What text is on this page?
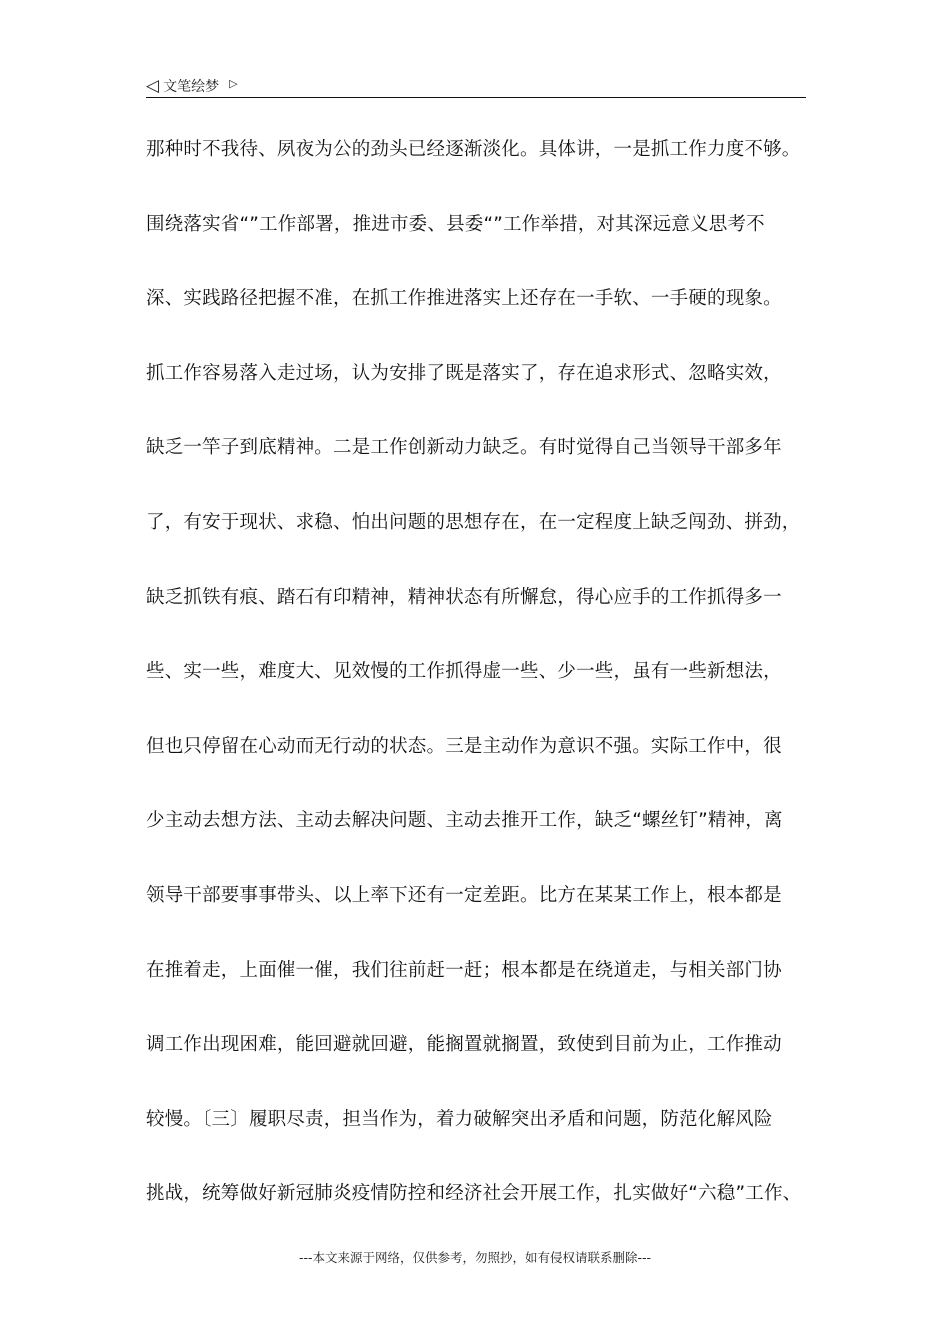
◁ 文笔绘梦 ▷
那种时不我待、夙夜为公的劲头已经逐渐淡化。具体讲，一是抓工作力度不够。
围绕落实省“”工作部署，推进市委、县委“”工作举措，对其深远意义思考不
深、实践路径把握不准，在抓工作推进落实上还存在一手软、一手硬的现象。
抓工作容易落入走过场，认为安排了既是落实了，存在追求形式、忽略实效，
缺乏一竿子到底精神。二是工作创新动力缺乏。有时觉得自己当领导干部多年
了，有安于现状、求稳、怕出问题的思想存在，在一定程度上缺乏闯劲、拼劲，
缺乏抓铁有痕、踏石有印精神，精神状态有所懈怠，得心应手的工作抓得多一
些、实一些，难度大、见效慢的工作抓得虚一些、少一些，虽有一些新想法，
但也只停留在心动而无行动的状态。三是主动作为意识不强。实际工作中，很
少主动去想方法、主动去解决问题、主动去推开工作，缺乏“螺丝钉”精神，离
领导干部要事事带头、以上率下还有一定差距。比方在某某工作上，根本都是
在推着走，上面催一催，我们往前赶一赶；根本都是在绕道走，与相关部门协
调工作出现困难，能回避就回避，能搁置就搁置，致使到目前为止，工作推动
较慢。〔三〕履职尽责，担当作为，着力破解突出矛盾和问题，防范化解风险
挑战，统筹做好新冠肺炎疫情防控和经济社会开展工作，扎实做好“六稳”工作、
---本文来源于网络，仅供参考，勿照抄，如有侵权请联系删除---
